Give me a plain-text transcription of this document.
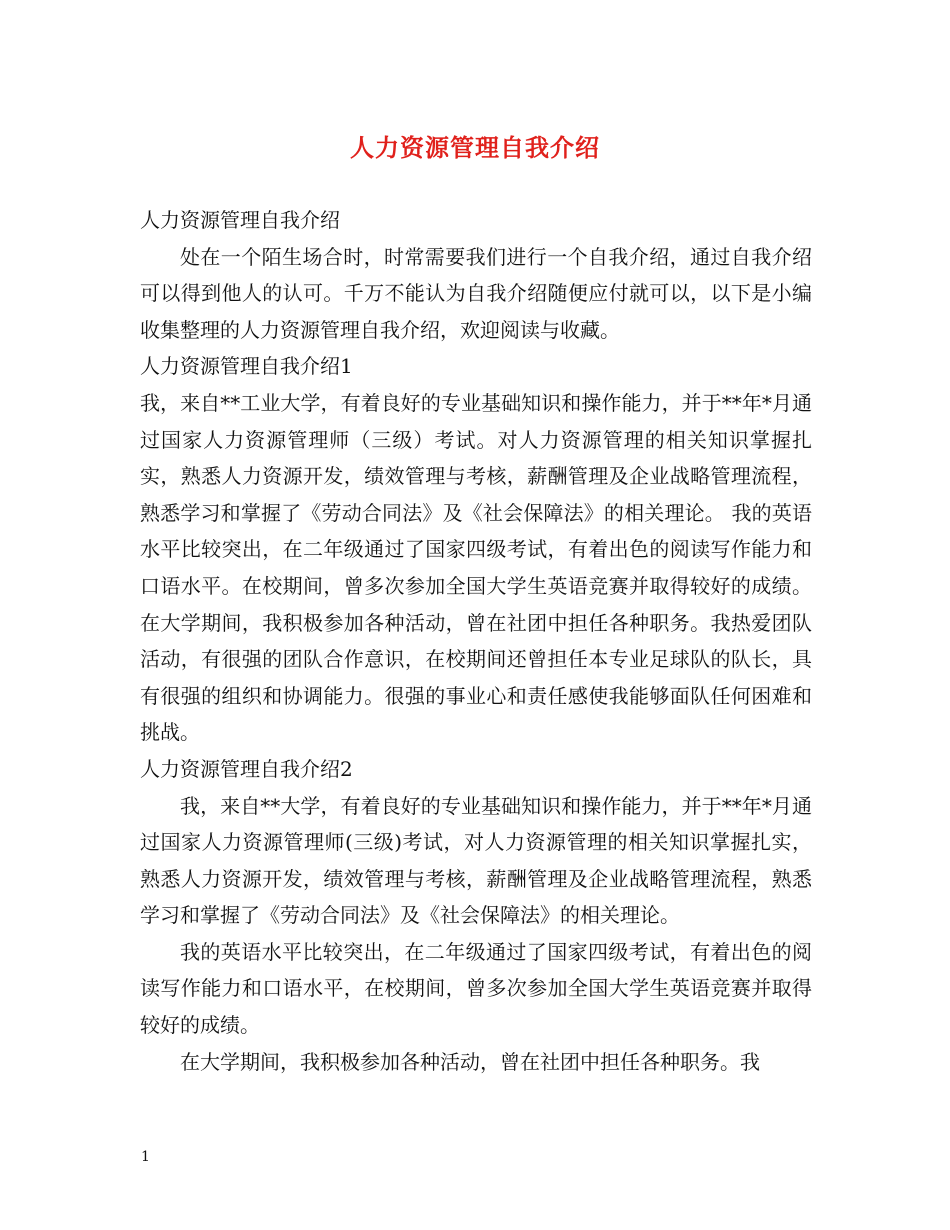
人力资源管理自我介绍

人力资源管理自我介绍

处在一个陌生场合时，时常需要我们进行一个自我介绍，通过自我介绍可以得到他人的认可。千万不能认为自我介绍随便应付就可以，以下是小编收集整理的人力资源管理自我介绍，欢迎阅读与收藏。

人力资源管理自我介绍1

我，来自**工业大学，有着良好的专业基础知识和操作能力，并于**年*月通过国家人力资源管理师（三级）考试。对人力资源管理的相关知识掌握扎实，熟悉人力资源开发，绩效管理与考核，薪酬管理及企业战略管理流程，熟悉学习和掌握了《劳动合同法》及《社会保障法》的相关理论。 我的英语水平比较突出，在二年级通过了国家四级考试，有着出色的阅读写作能力和口语水平。在校期间，曾多次参加全国大学生英语竞赛并取得较好的成绩。 在大学期间，我积极参加各种活动，曾在社团中担任各种职务。我热爱团队活动，有很强的团队合作意识，在校期间还曾担任本专业足球队的队长，具有很强的组织和协调能力。很强的事业心和责任感使我能够面队任何困难和挑战。

人力资源管理自我介绍2

我，来自**大学，有着良好的专业基础知识和操作能力，并于**年*月通过国家人力资源管理师(三级)考试，对人力资源管理的相关知识掌握扎实，熟悉人力资源开发，绩效管理与考核，薪酬管理及企业战略管理流程，熟悉学习和掌握了《劳动合同法》及《社会保障法》的相关理论。

我的英语水平比较突出，在二年级通过了国家四级考试，有着出色的阅读写作能力和口语水平，在校期间，曾多次参加全国大学生英语竞赛并取得较好的成绩。

在大学期间，我积极参加各种活动，曾在社团中担任各种职务。我

1
